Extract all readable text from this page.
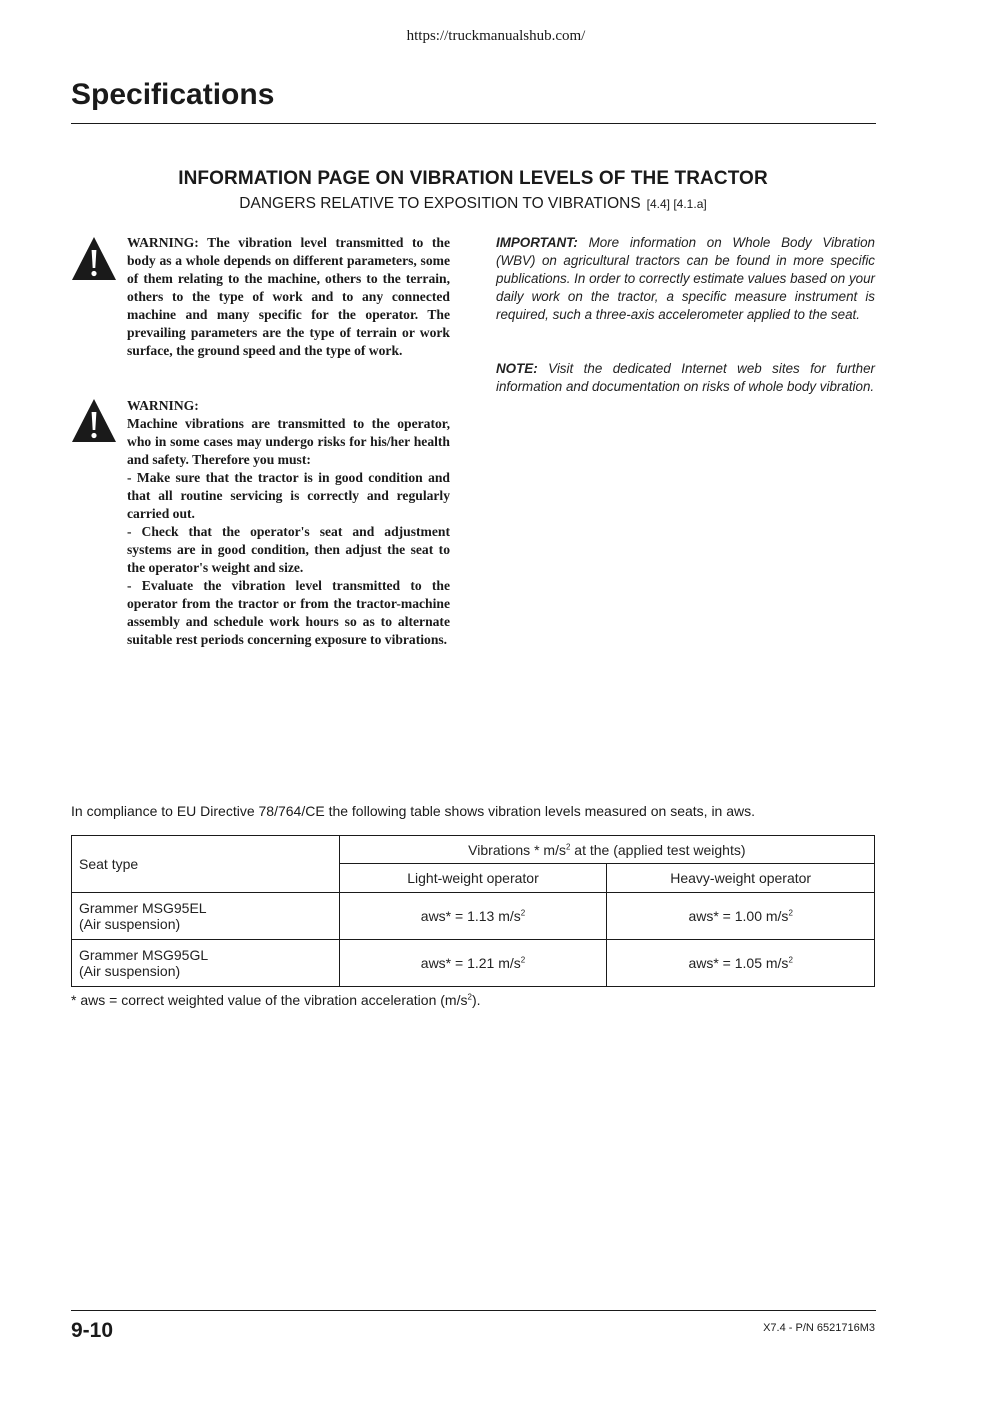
https://truckmanualshub.com/
Specifications
INFORMATION PAGE ON VIBRATION LEVELS OF THE TRACTOR
DANGERS RELATIVE TO EXPOSITION TO VIBRATIONS [4.4] [4.1.a]

WARNING: The vibration level transmitted to the body as a whole depends on different parameters, some of them relating to the machine, others to the terrain, others to the type of work and to any connected machine and many specific for the operator. The prevailing parameters are the type of terrain or work surface, the ground speed and the type of work.

WARNING:

Machine vibrations are transmitted to the operator, who in some cases may undergo risks for his/her health and safety. Therefore you must:

- Make sure that the tractor is in good condition and that all routine servicing is correctly and regularly carried out.

- Check that the operator's seat and adjustment systems are in good condition, then adjust the seat to the operator's weight and size.

- Evaluate the vibration level transmitted to the operator from the tractor or from the tractor-machine assembly and schedule work hours so as to alternate suitable rest periods concerning exposure to vibrations.

IMPORTANT: More information on Whole Body Vibration (WBV) on agricultural tractors can be found in more specific publications. In order to correctly estimate values based on your daily work on the tractor, a specific measure instrument is required, such a three-axis accelerometer applied to the seat.
NOTE: Visit the dedicated Internet web sites for further information and documentation on risks of whole body vibration.
In compliance to EU Directive 78/764/CE the following table shows vibration levels measured on seats, in aws.
Seat type	Vibrations * $m/s^2$ at the (applied test weights)	
	Light-weight operator	Heavy-weight operator

Grammer MSG95EL
(Air suspension)	aws* = 1.13 $m/s^2$	aws* = 1.00 $m/s^2$

Grammer MSG95GL
(Air suspension)	aws* = 1.21 $m/s^2$	aws* = 1.05 $m/s^2$
* aws = correct weighted value of the vibration acceleration $(m/s^2)$.
9-10	X7.4 - P/N 6521716M3
